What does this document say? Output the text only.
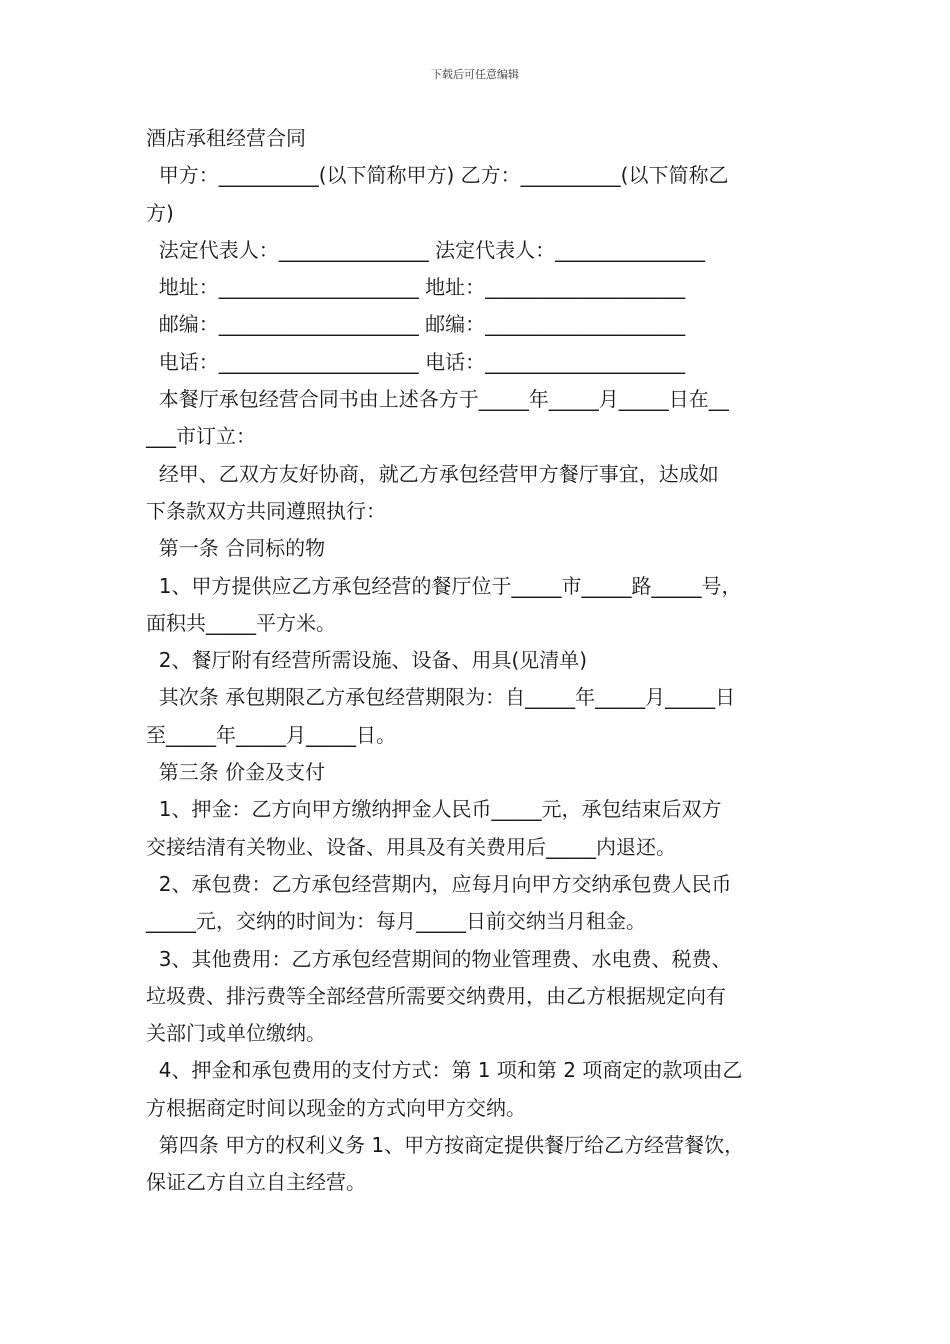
下载后可任意编辑
酒店承租经营合同
甲方：__________(以下简称甲方) 乙方：__________(以下简称乙
方)
法定代表人：_______________ 法定代表人：_______________
地址：____________________ 地址：____________________
邮编：____________________ 邮编：____________________
电话：____________________ 电话：____________________
本餐厅承包经营合同书由上述各方于_____年_____月_____日在__
___市订立：
经甲、乙双方友好协商，就乙方承包经营甲方餐厅事宜，达成如
下条款双方共同遵照执行：
第一条 合同标的物
1、甲方提供应乙方承包经营的餐厅位于_____市_____路_____号，
面积共_____平方米。
2、餐厅附有经营所需设施、设备、用具(见清单)
其次条 承包期限乙方承包经营期限为：自_____年_____月_____日
至_____年_____月_____日。
第三条 价金及支付
1、押金：乙方向甲方缴纳押金人民币_____元，承包结束后双方
交接结清有关物业、设备、用具及有关费用后_____内退还。
2、承包费：乙方承包经营期内，应每月向甲方交纳承包费人民币
_____元，交纳的时间为：每月_____日前交纳当月租金。
3、其他费用：乙方承包经营期间的物业管理费、水电费、税费、
垃圾费、排污费等全部经营所需要交纳费用，由乙方根据规定向有
关部门或单位缴纳。
4、押金和承包费用的支付方式：第 1 项和第 2 项商定的款项由乙
方根据商定时间以现金的方式向甲方交纳。
第四条 甲方的权利义务 1、甲方按商定提供餐厅给乙方经营餐饮，
保证乙方自立自主经营。
